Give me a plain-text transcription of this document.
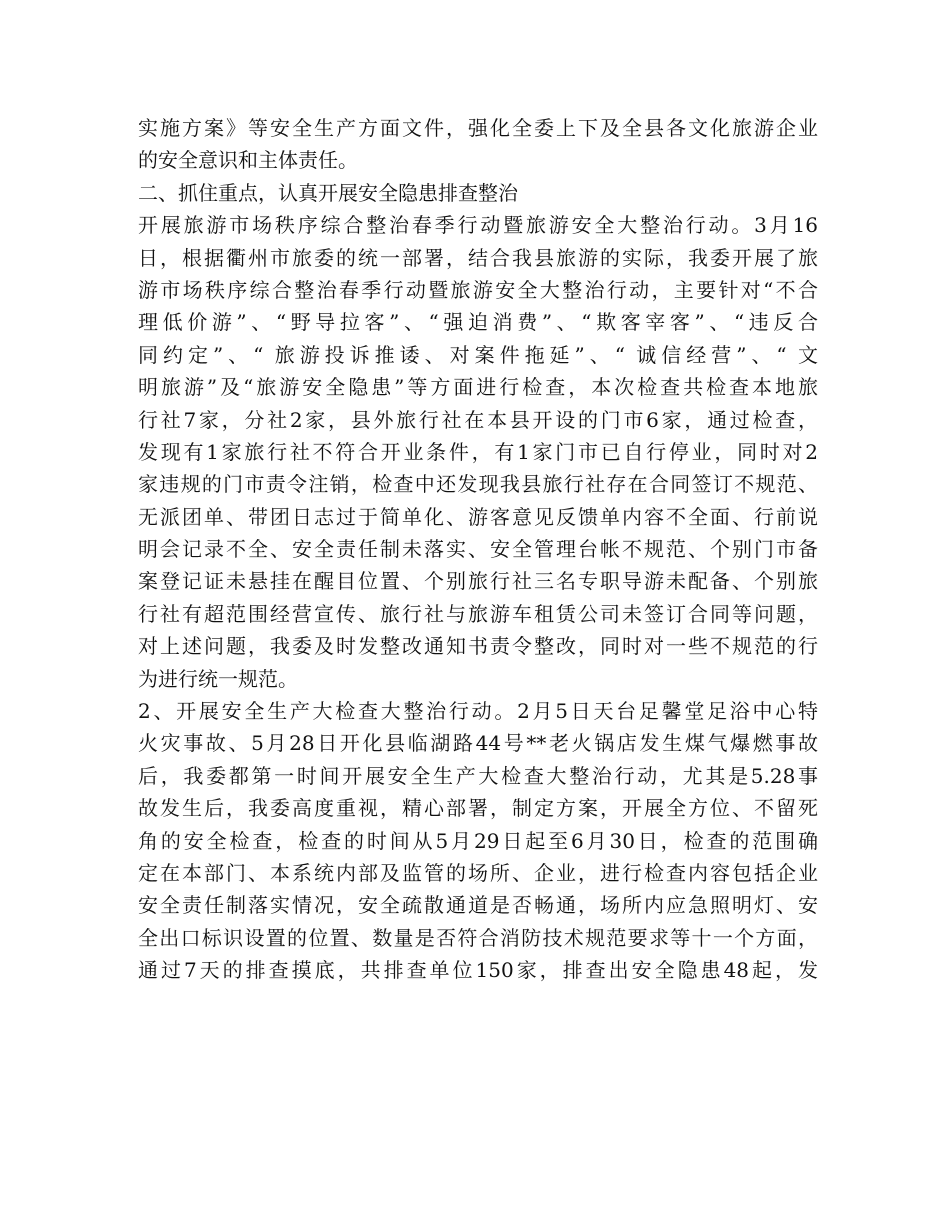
实施方案》等安全生产方面文件，强化全委上下及全县各文化旅游企业
的安全意识和主体责任。
二、抓住重点，认真开展安全隐患排查整治
开展旅游市场秩序综合整治春季行动暨旅游安全大整治行动。3月16
日，根据衢州市旅委的统一部署，结合我县旅游的实际，我委开展了旅
游市场秩序综合整治春季行动暨旅游安全大整治行动，主要针对“不合
理低价游”、“野导拉客”、“强迫消费”、“欺客宰客”、“违反合
同约定”、“ 旅游投诉推诿、对案件拖延”、“ 诚信经营”、“ 文
明旅游”及“旅游安全隐患”等方面进行检查，本次检查共检查本地旅
行社7家，分社2家，县外旅行社在本县开设的门市6家，通过检查，
发现有1家旅行社不符合开业条件，有1家门市已自行停业，同时对2
家违规的门市责令注销，检查中还发现我县旅行社存在合同签订不规范、
无派团单、带团日志过于简单化、游客意见反馈单内容不全面、行前说
明会记录不全、安全责任制未落实、安全管理台帐不规范、个别门市备
案登记证未悬挂在醒目位置、个别旅行社三名专职导游未配备、个别旅
行社有超范围经营宣传、旅行社与旅游车租赁公司未签订合同等问题，
对上述问题，我委及时发整改通知书责令整改，同时对一些不规范的行
为进行统一规范。
2、开展安全生产大检查大整治行动。2月5日天台足馨堂足浴中心特
火灾事故、5月28日开化县临湖路44号**老火锅店发生煤气爆燃事故
后，我委都第一时间开展安全生产大检查大整治行动，尤其是5.28事
故发生后，我委高度重视，精心部署，制定方案，开展全方位、不留死
角的安全检查，检查的时间从5月29日起至6月30日，检查的范围确
定在本部门、本系统内部及监管的场所、企业，进行检查内容包括企业
安全责任制落实情况，安全疏散通道是否畅通，场所内应急照明灯、安
全出口标识设置的位置、数量是否符合消防技术规范要求等十一个方面，
通过7天的排查摸底，共排查单位150家，排查出安全隐患48起，发
